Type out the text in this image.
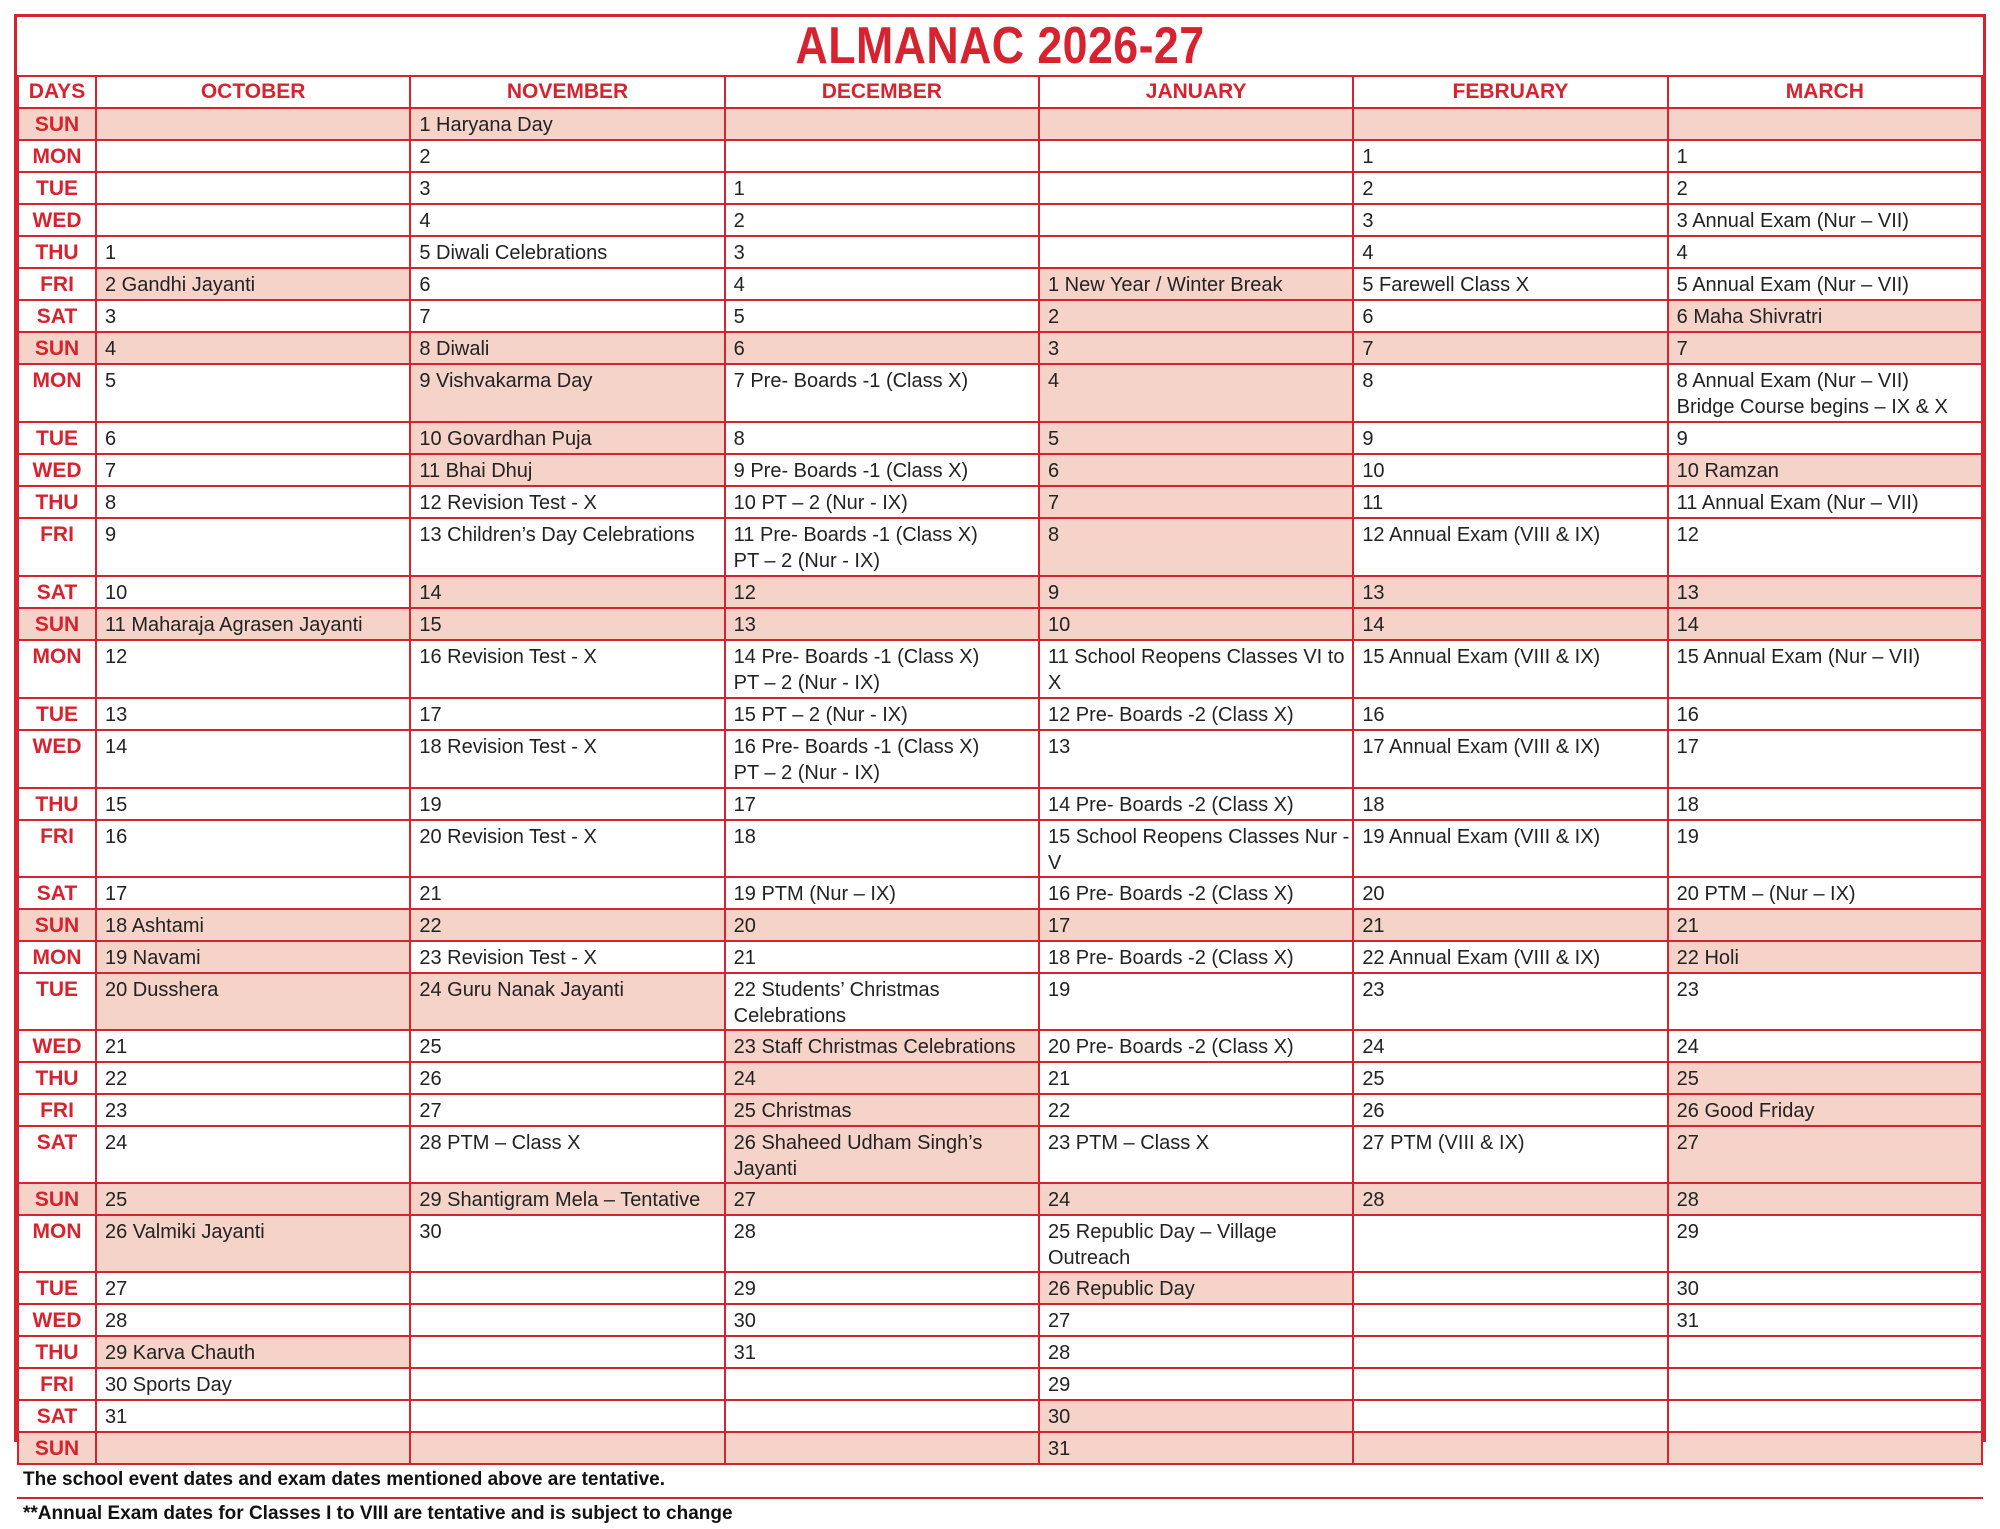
ALMANAC 2026-27
DAYS	OCTOBER	NOVEMBER	DECEMBER	JANUARY	FEBRUARY	MARCH
SUN		1 Haryana Day				
MON		2			1	1
TUE		3	1		2	2
WED		4	2		3	3 Annual Exam (Nur – VII)
THU	1	5 Diwali Celebrations	3		4	4
FRI	2 Gandhi Jayanti	6	4	1 New Year / Winter Break	5 Farewell Class X	5 Annual Exam (Nur – VII)
SAT	3	7	5	2	6	6 Maha Shivratri
SUN	4	8 Diwali	6	3	7	7
MON	5	9 Vishvakarma Day	7 Pre- Boards -1 (Class X)	4	8	8 Annual Exam (Nur – VII)
Bridge Course begins – IX & X
TUE	6	10 Govardhan Puja	8	5	9	9
WED	7	11 Bhai Dhuj	9 Pre- Boards -1 (Class X)	6	10	10 Ramzan
THU	8	12 Revision Test - X	10 PT – 2 (Nur - IX)	7	11	11 Annual Exam (Nur – VII)
FRI	9	13 Children’s Day Celebrations	11 Pre- Boards -1 (Class X)
PT – 2 (Nur - IX)	8	12 Annual Exam (VIII & IX)	12
SAT	10	14	12	9	13	13
SUN	11 Maharaja Agrasen Jayanti	15	13	10	14	14
MON	12	16 Revision Test - X	14 Pre- Boards -1 (Class X)
PT – 2 (Nur - IX)	11 School Reopens Classes VI to X	15 Annual Exam (VIII & IX)	15 Annual Exam (Nur – VII)
TUE	13	17	15 PT – 2 (Nur - IX)	12 Pre- Boards -2 (Class X)	16	16
WED	14	18 Revision Test - X	16 Pre- Boards -1 (Class X)
PT – 2 (Nur - IX)	13	17 Annual Exam (VIII & IX)	17
THU	15	19	17	14 Pre- Boards -2 (Class X)	18	18
FRI	16	20 Revision Test - X	18	15 School Reopens Classes Nur -V	19 Annual Exam (VIII & IX)	19
SAT	17	21	19 PTM (Nur – IX)	16 Pre- Boards -2 (Class X)	20	20 PTM – (Nur – IX)
SUN	18 Ashtami	22	20	17	21	21
MON	19 Navami	23 Revision Test - X	21	18 Pre- Boards -2 (Class X)	22 Annual Exam (VIII & IX)	22 Holi
TUE	20 Dusshera	24 Guru Nanak Jayanti	22 Students’ Christmas Celebrations	19	23	23
WED	21	25	23 Staff Christmas Celebrations	20 Pre- Boards -2 (Class X)	24	24
THU	22	26	24	21	25	25
FRI	23	27	25 Christmas	22	26	26 Good Friday
SAT	24	28 PTM – Class X	26 Shaheed Udham Singh’s Jayanti	23 PTM – Class X	27 PTM (VIII & IX)	27
SUN	25	29 Shantigram Mela – Tentative	27	24	28	28
MON	26 Valmiki Jayanti	30	28	25 Republic Day – Village Outreach		29
TUE	27		29	26 Republic Day		30
WED	28		30	27		31
THU	29 Karva Chauth		31	28		
FRI	30 Sports Day			29		
SAT	31			30		
SUN				31		
The school event dates and exam dates mentioned above are tentative.
**Annual Exam dates for Classes I to VIII are tentative and is subject to change
